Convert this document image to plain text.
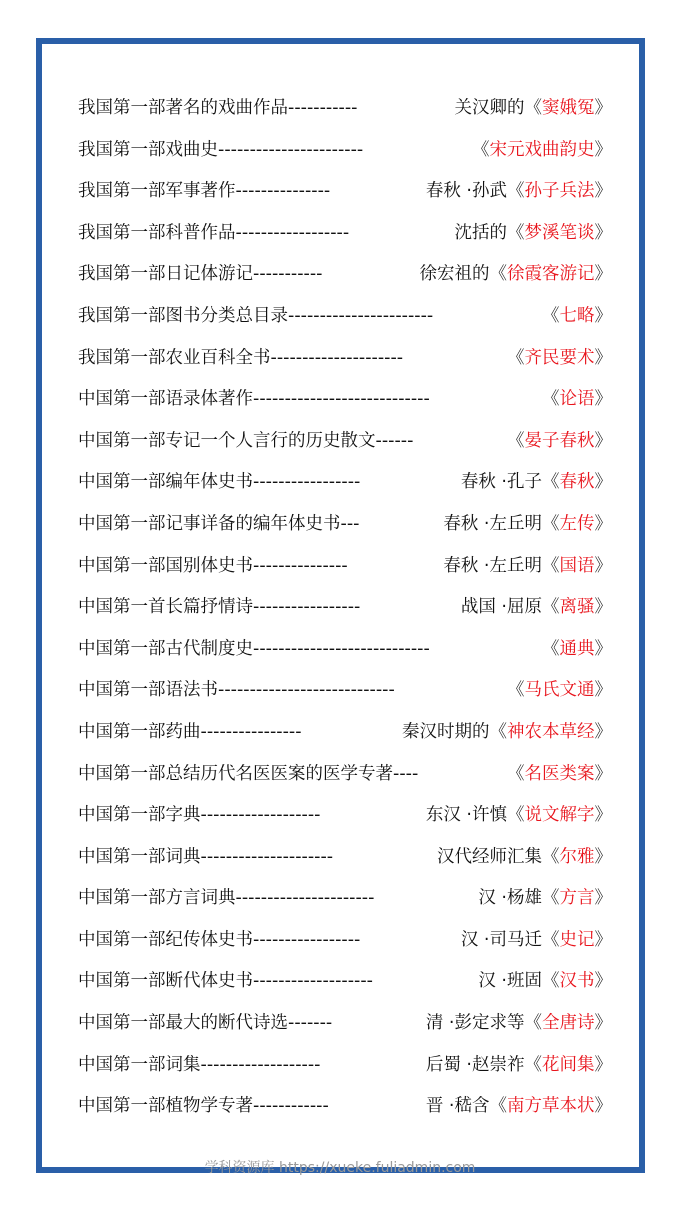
我国第一部著名的戏曲作品 -----------	关汉卿的 《窦娥冤》
我国第一部戏曲史 -----------------------	《宋元戏曲韵史》
我国第一部军事著作 ---------------	春秋 ·孙武 《孙子兵法》
我国第一部科普作品 ------------------	沈括的 《梦溪笔谈》
我国第一部日记体游记 -----------	徐宏祖的 《徐霞客游记》
我国第一部图书分类总目录 -----------------------	《七略》
我国第一部农业百科全书 ---------------------	《齐民要术》
中国第一部语录体著作 ----------------------------	《论语》
中国第一部专记一个人言行的历史散文 ------	《晏子春秋》
中国第一部编年体史书 -----------------	春秋 ·孔子 《春秋》
中国第一部记事详备的编年体史书 ---	春秋 ·左丘明 《左传》
中国第一部国别体史书 ---------------	春秋 ·左丘明 《国语》
中国第一首长篇抒情诗 -----------------	战国 ·屈原 《离骚》
中国第一部古代制度史 ----------------------------	《通典》
中国第一部语法书 ----------------------------	《马氏文通》
中国第一部药曲 ----------------	秦汉时期的 《神农本草经》
中国第一部总结历代名医医案的医学专著 ----	《名医类案》
中国第一部字典 -------------------	东汉 ·许慎 《说文解字》
中国第一部词典 ---------------------	汉代经师汇集 《尔雅》
中国第一部方言词典 ----------------------	汉 ·杨雄 《方言》
中国第一部纪传体史书 -----------------	汉 ·司马迁 《史记》
中国第一部断代体史书 -------------------	汉 ·班固 《汉书》
中国第一部最大的断代诗选 -------	清 ·彭定求等 《全唐诗》
中国第一部词集 -------------------	后蜀 ·赵崇祚 《花间集》
中国第一部植物学专著 ------------	晋 ·嵇含 《南方草本状》
学科资源库 https://xueke.fuliadmin.com
